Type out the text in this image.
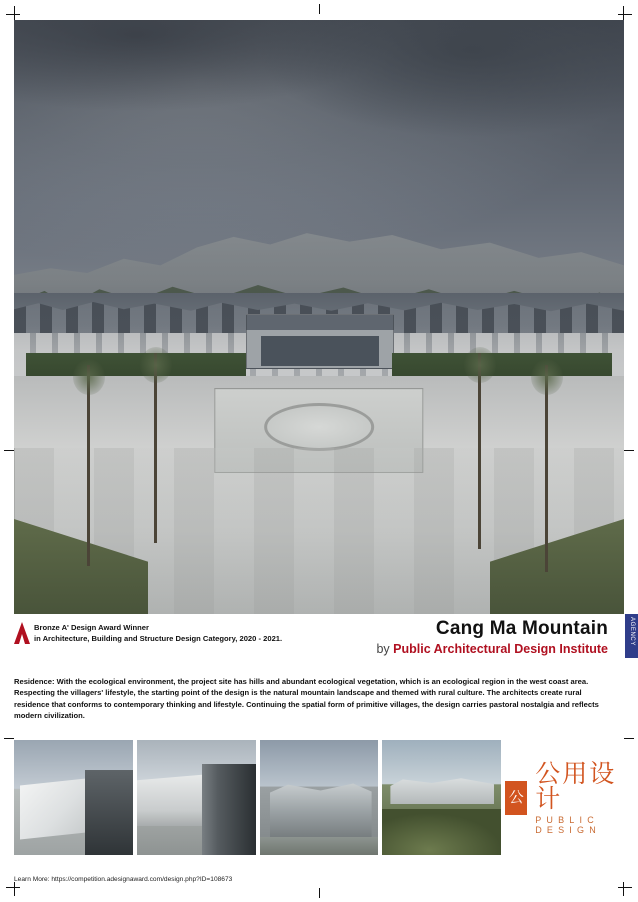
Bronze A' Design Award Winner
in Architecture, Building and Structure Design Category, 2020 - 2021.	Cang Ma Mountain
by Public Architectural Design Institute
AGENCY
Residence: With the ecological environment, the project site has hills and abundant ecological vegetation, which is an ecological region in the west coast area. Respecting the villagers' lifestyle, the starting point of the design is the natural mountain landscape and themed with rural culture. The architects create rural residence that conforms to contemporary thinking and lifestyle. Continuing the spatial form of primitive villages, the design carries pastoral nostalgia and reflects modern civilization.
公
公用设计
PUBLIC DESIGN
Learn More: https://competition.adesignaward.com/design.php?ID=108673
